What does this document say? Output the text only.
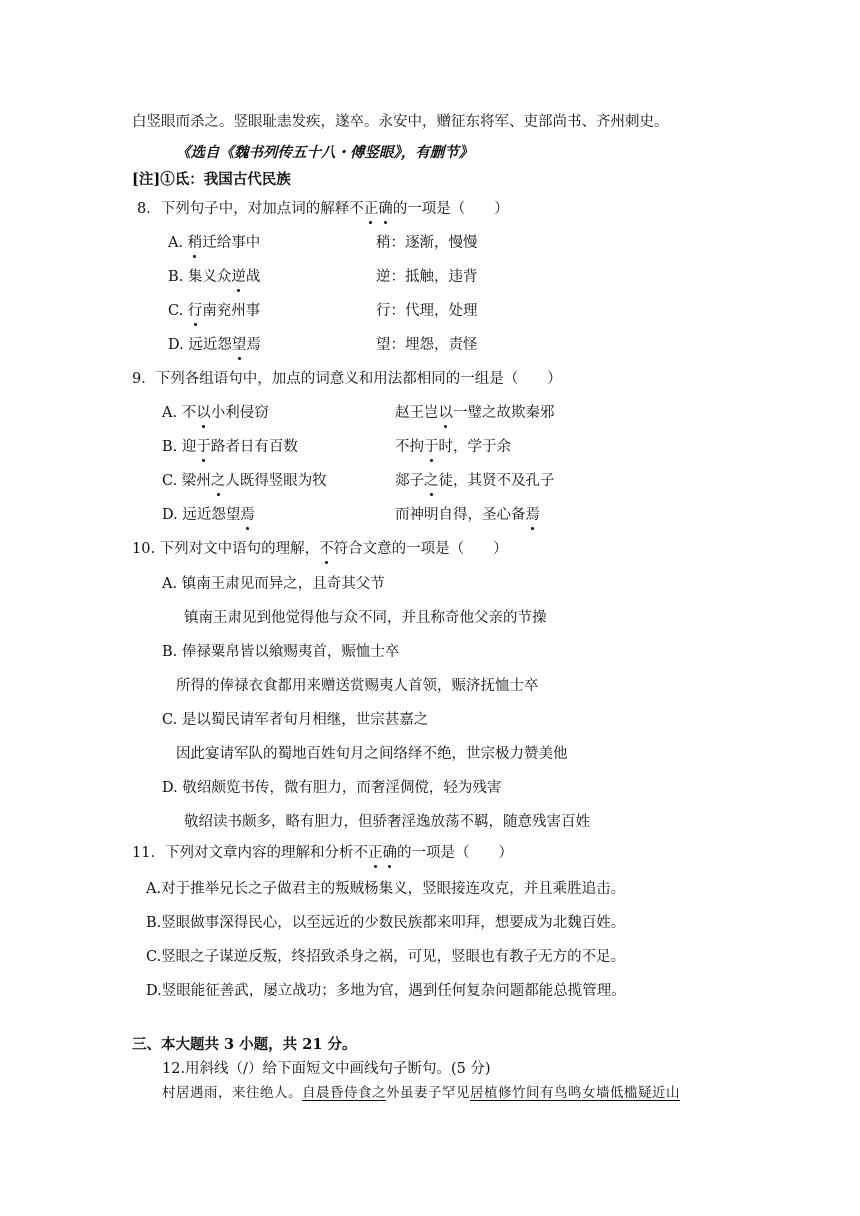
白竖眼而杀之。竖眼耻恚发疾，遂卒。永安中，赠征东将军、吏部尚书、齐州刺史。
《选自《魏书列传五十八・傅竖眼》，有删节》
[注]①氐：我国古代民族
8．下列句子中，对加点词的解释不正确的一项是（　　）
A. 稍迁给事中	稍：逐渐，慢慢
B. 集义众逆战	逆：抵触，违背
C. 行南兖州事	行：代理，处理
D. 远近怨望焉	望：埋怨，责怪
9．下列各组语句中，加点的词意义和用法都相同的一组是（　　）
A. 不以小利侵窃	赵王岂以一璧之故欺秦邪
B. 迎于路者日有百数	不拘于时，学于余
C. 梁州之人既得竖眼为牧	郯子之徒，其贤不及孔子
D. 远近怨望焉	而神明自得，圣心备焉
10. 下列对文中语句的理解，不符合文意的一项是（　　）
A. 镇南王肃见而异之，且奇其父节
镇南王肃见到他觉得他与众不同，并且称奇他父亲的节操
B. 俸禄粟帛皆以飨赐夷首，赈恤士卒
所得的俸禄衣食都用来赠送赏赐夷人首领，赈济抚恤士卒
C. 是以蜀民请军者旬月相继，世宗甚嘉之
因此宴请军队的蜀地百姓旬月之间络绎不绝，世宗极力赞美他
D. 敬绍颇览书传，微有胆力，而奢淫倜傥，轻为残害
敬绍读书颇多，略有胆力，但骄奢淫逸放荡不羁，随意残害百姓
11．下列对文章内容的理解和分析不正确的一项是（　　）
A.对于推举兄长之子做君主的叛贼杨集义，竖眼接连攻克，并且乘胜追击。
B.竖眼做事深得民心，以至远近的少数民族都来叩拜，想要成为北魏百姓。
C.竖眼之子谋逆反叛，终招致杀身之祸，可见，竖眼也有教子无方的不足。
D.竖眼能征善武，屡立战功；多地为官，遇到任何复杂问题都能总揽管理。
三、本大题共 3 小题，共 21 分。
12.用斜线（/）给下面短文中画线句子断句。(5 分)
村居遇雨，来往绝人。自晨昏侍食之外虽妻子罕见居植修竹间有鸟鸣女墙低槛疑近山
